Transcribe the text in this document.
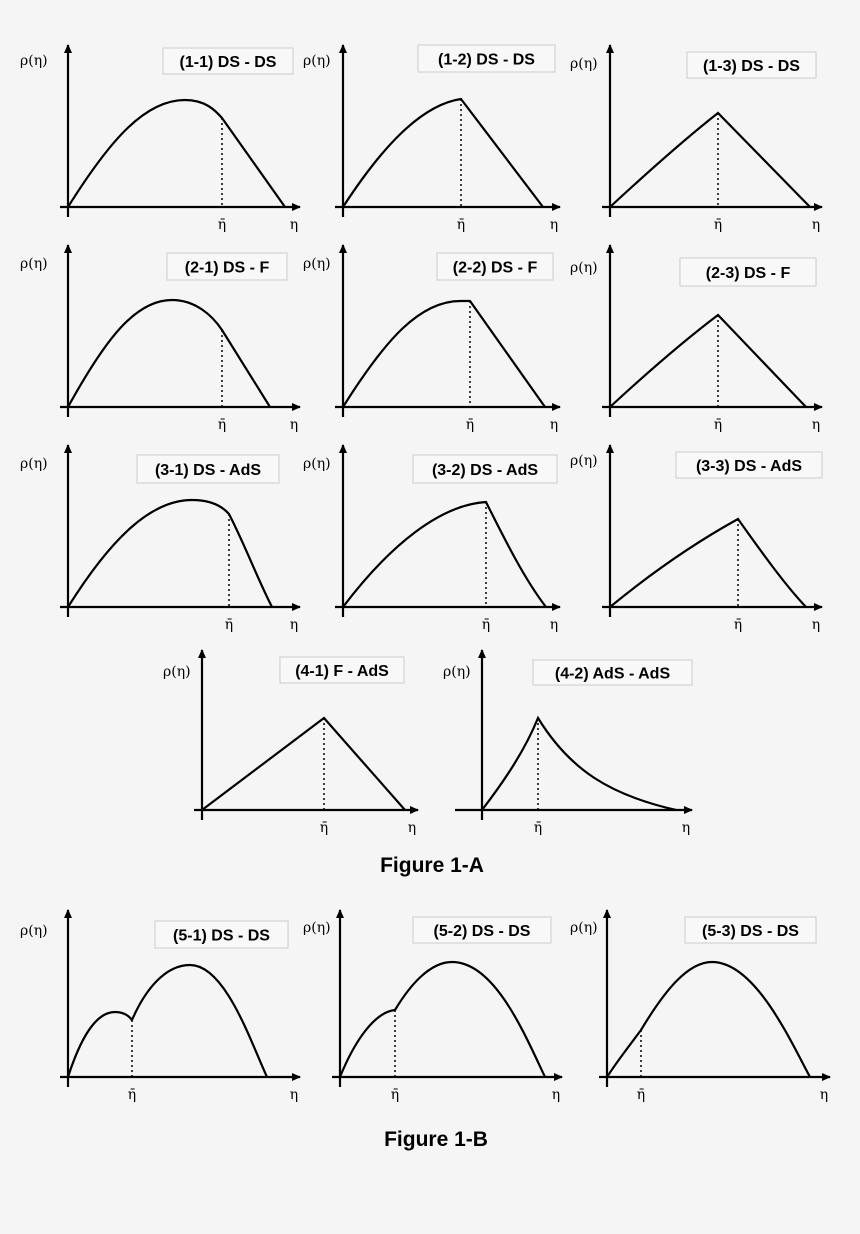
(1-1) DS - DS
ρ(η)
η̄	η
(1-2) DS - DS
ρ(η)
η̄	η
(1-3) DS - DS
ρ(η)
η̄	η
(2-1) DS - F
ρ(η)
η̄	η
(2-2) DS - F
ρ(η)
η̄	η
(2-3) DS - F
ρ(η)
η̄	η
(3-1) DS - AdS
ρ(η)
η̄	η
(3-2) DS - AdS
ρ(η)
η̄	η
(3-3) DS - AdS
ρ(η)
η̄	η
(4-1) F - AdS
ρ(η)
η̄	η
(4-2) AdS - AdS
ρ(η)
η̄	η
(5-1) DS - DS
ρ(η)
η̄	η
(5-2) DS - DS
ρ(η)
η̄	η
(5-3) DS - DS
ρ(η)
η̄	η
Figure 1-A
Figure 1-B
